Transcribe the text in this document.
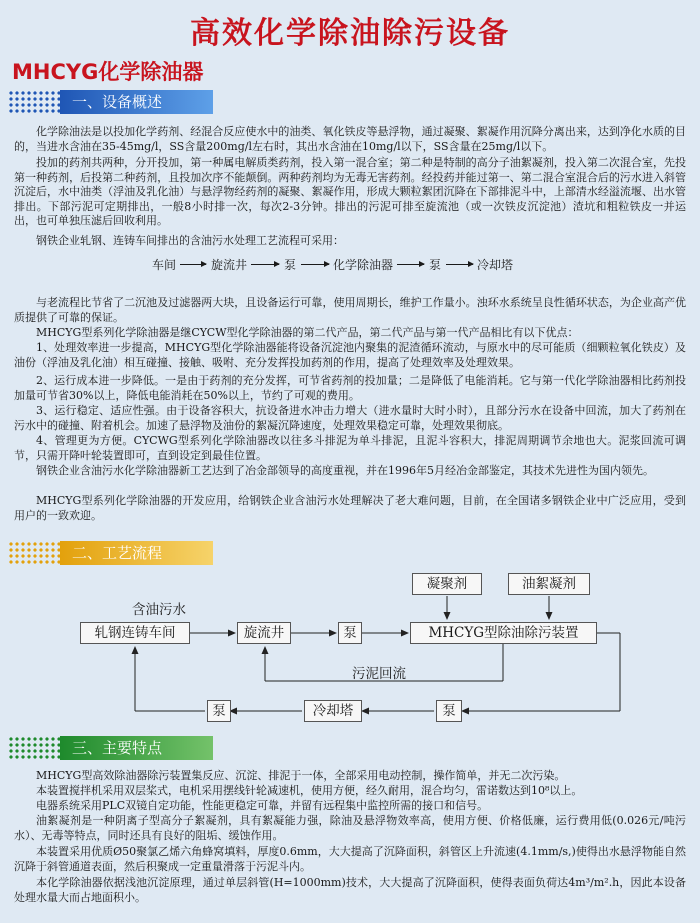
高效化学除油除污设备
MHCYG化学除油器
一、设备概述

化学除油法是以投加化学药剂、经混合反应使水中的油类、氧化铁皮等悬浮物，通过凝聚、絮凝作用沉降分离出来，达到净化水质的目的，当进水含油在35-45mg/l，SS含量200mg/l左右时，其出水含油在10mg/l以下，SS含量在25mg/l以下。

投加的药剂共两种，分开投加，第一种属电解质类药剂，投入第一混合室；第二种是特制的高分子油絮凝剂，投入第二次混合室，先投第一种药剂，后投第二种药剂，且投加次序不能颠倒。两种药剂均为无毒无害药剂。经投药并能过第一、第二混合室混合后的污水进入斜管沉淀后，水中油类（浮油及乳化油）与悬浮物经药剂的凝聚、絮凝作用，形成大颗粒絮团沉降在下部排泥斗中，上部清水经溢流堰、出水管排出。下部污泥可定期排出，一般8小时排一次，每次2-3分钟。排出的污泥可排至旋流池（或一次铁皮沉淀池）渣坑和粗粒铁皮一并运出，也可单独压滤后回收利用。

钢铁企业轧钢、连铸车间排出的含油污水处理工艺流程可采用：

车间	旋流井	泵	化学除油器	泵	冷却塔

与老流程比节省了二沉池及过滤器两大块，且设备运行可靠，使用周期长，维护工作量小。浊环水系统呈良性循环状态，为企业高产优质提供了可靠的保证。

MHCYG型系列化学除油器是继CYCW型化学除油器的第二代产品，第二代产品与第一代产品相比有以下优点：

1、处理效率进一步提高，MHCYG型化学除油器能将设备沉淀池内聚集的泥渣循环流动，与原水中的尽可能质（细颗粒氧化铁皮）及油份（浮油及乳化油）相互碰撞、接触、吸咐、充分发挥投加药剂的作用，提高了处理效率及处理效果。

2、运行成本进一步降低。一是由于药剂的充分发挥，可节省药剂的投加量；二是降低了电能消耗。它与第一代化学除油器相比药剂投加量可节省30%以上，降低电能消耗在50%以上，节约了可观的费用。

3、运行稳定、适应性强。由于设备容积大，抗设备进水冲击力增大（进水量时大时小时），且部分污水在设备中回流，加大了药剂在污水中的碰撞、附着机会。加速了悬浮物及油份的絮凝沉降速度，处理效果稳定可靠，处理效果彻底。

4、管理更为方便。CYCWG型系列化学除油器改以往多斗排泥为单斗排泥，且泥斗容积大，排泥周期调节余地也大。泥浆回流可调节，只需开降叶轮装置即可，直到设定到最佳位置。

钢铁企业含油污水化学除油器新工艺达到了冶金部领导的高度重视，并在1996年5月经冶金部鉴定，其技术先进性为国内领先。

MHCYG型系列化学除油器的开发应用，给钢铁企业含油污水处理解决了老大难问题，目前，在全国诸多钢铁企业中广泛应用，受到用户的一致欢迎。

二、工艺流程
凝聚剂	油絮凝剂
含油污水
轧钢连铸车间	旋流井	泵	MHCYG型除油除污装置
污泥回流
泵	冷却塔	泵
三、主要特点

MHCYG型高效除油器除污装置集反应、沉淀、排泥于一体，全部采用电动控制，操作简单，并无二次污染。

本装置搅拌机采用双层桨式，电机采用摆线针轮减速机，使用方便，经久耐用，混合均匀，雷诺数达到10⁸以上。

电器系统采用PLC双镜自定功能，性能更稳定可靠，并留有远程集中监控所需的接口和信号。

油絮凝剂是一种阴离子型高分子絮凝剂，具有絮凝能力强，除油及悬浮物效率高，使用方便、价格低廉，运行费用低(0.026元/吨污水）、无毒等特点，同时还具有良好的阻垢、缓蚀作用。

本装置采用优质Ø50聚氯乙烯六角蜂窝填料，厚度0.6mm，大大提高了沉降面积，斜管区上升流速(4.1mm/s,)使得出水悬浮物能自然沉降于斜管通道表面，然后积聚成一定重量滑落于污泥斗内。

本化学除油器依据浅池沉淀原理，通过单层斜管(H=1000mm)技术，大大提高了沉降面积，使得表面负荷达4m³/m².h，因此本设备处理水量大而占地面积小。
